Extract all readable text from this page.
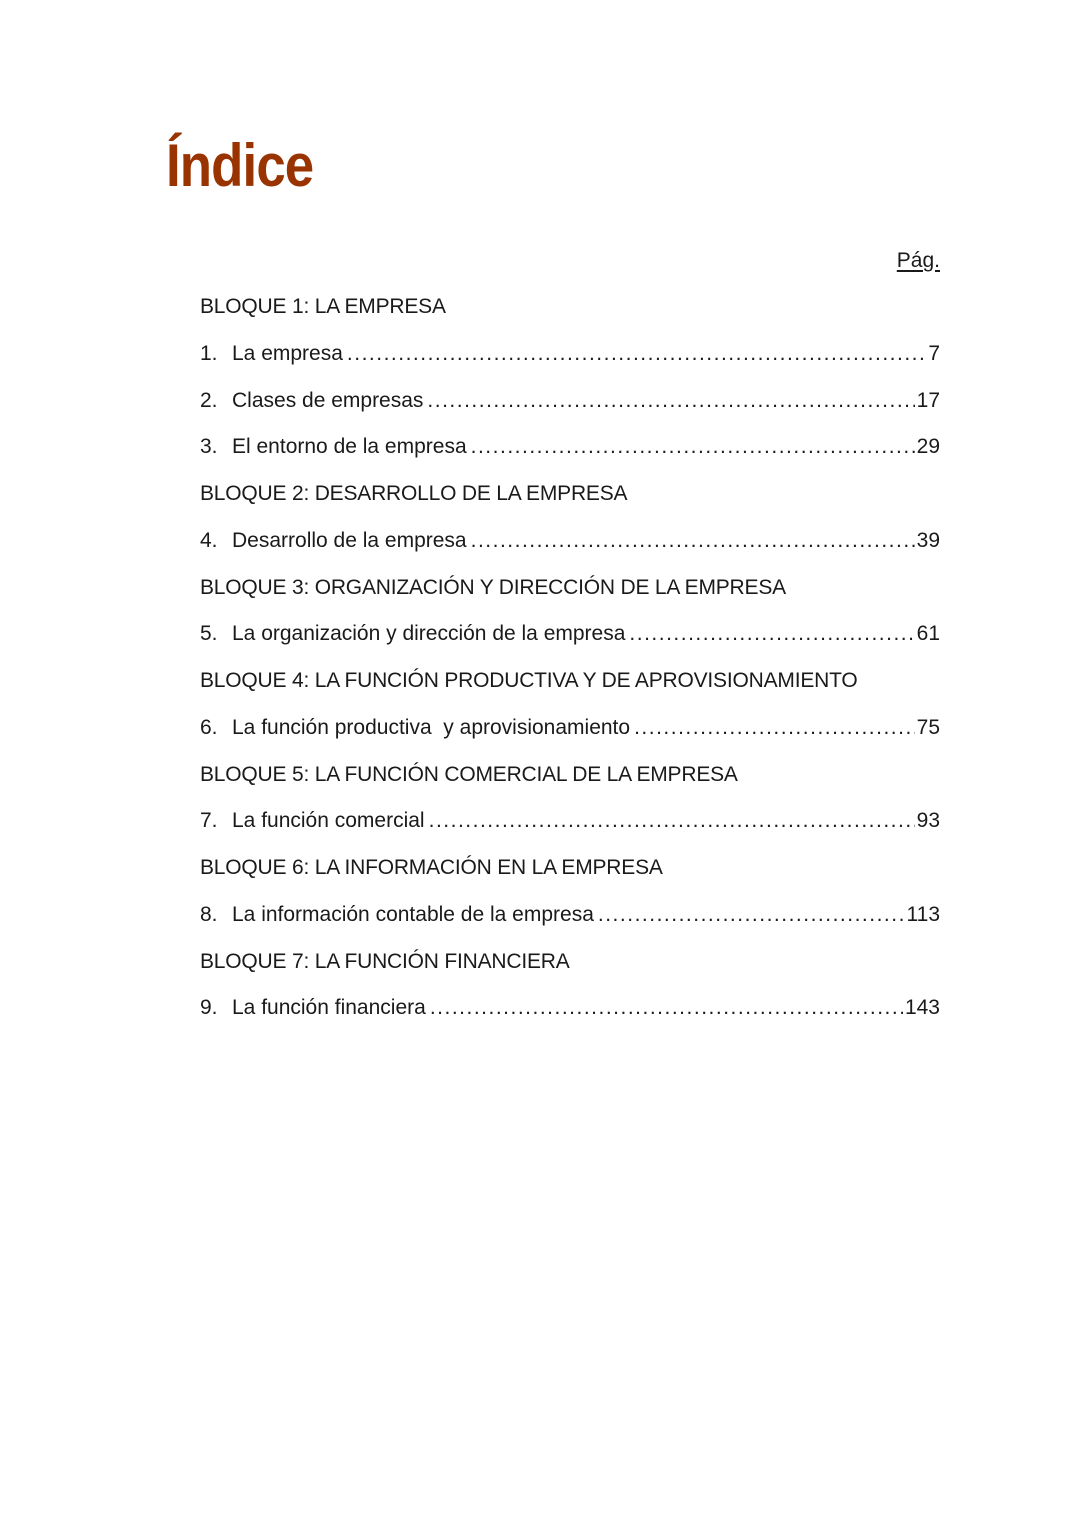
Índice
Pág.
BLOQUE 1: LA EMPRESA
1. La empresa .....	7
2. Clases de empresas .....	17
3. El entorno de la empresa .....	29
BLOQUE 2: DESARROLLO DE LA EMPRESA
4. Desarrollo de la empresa .....	39
BLOQUE 3: ORGANIZACIÓN Y DIRECCIÓN DE LA EMPRESA
5. La organización y dirección de la empresa .....	61
BLOQUE 4: LA FUNCIÓN PRODUCTIVA Y DE APROVISIONAMIENTO
6. La función productiva  y aprovisionamiento .....	75
BLOQUE 5: LA FUNCIÓN COMERCIAL DE LA EMPRESA
7. La función comercial .....	93
BLOQUE 6: LA INFORMACIÓN EN LA EMPRESA
8. La información contable de la empresa .....	113
BLOQUE 7: LA FUNCIÓN FINANCIERA
9. La función financiera .....	143
